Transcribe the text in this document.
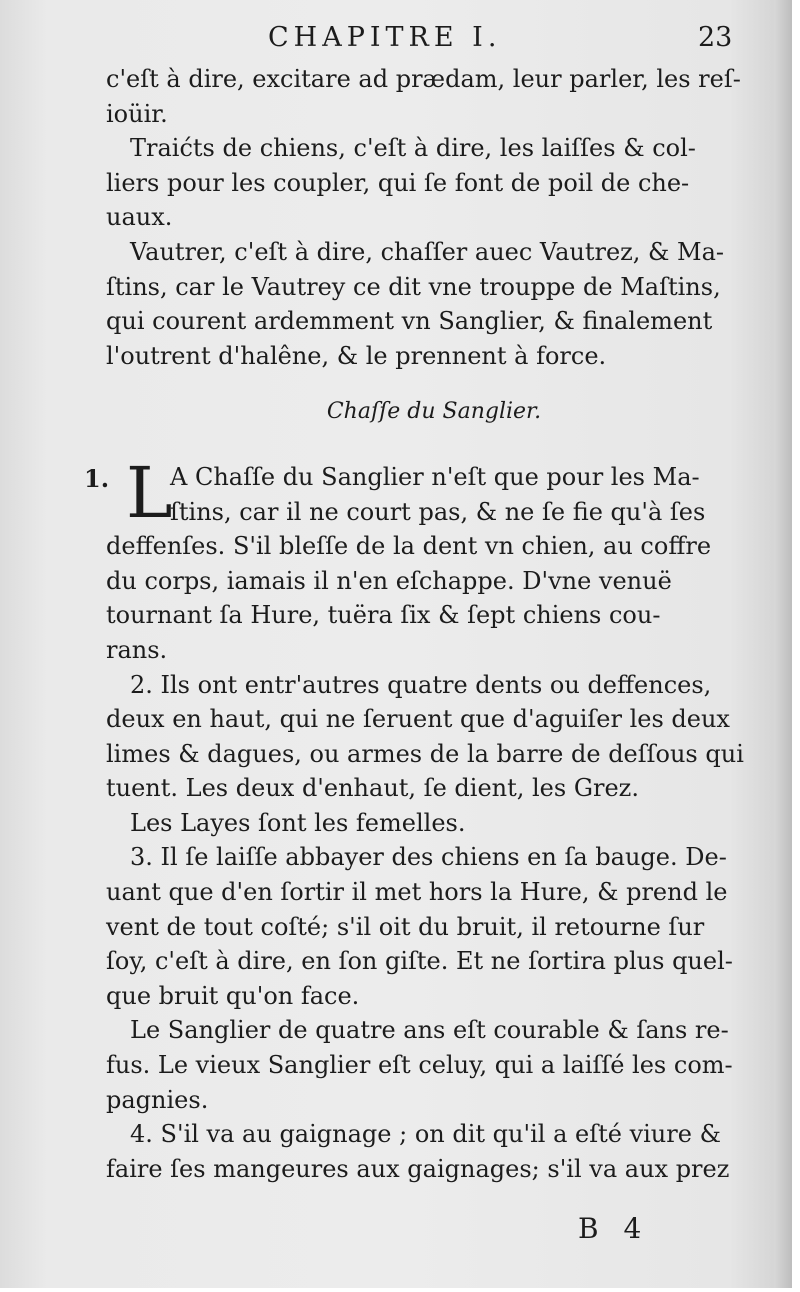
CHAPITRE I.	23
c'eſt à dire, excitare ad prædam, leur parler, les reſ-
ioüir.
Traićts de chiens, c'eſt à dire, les laiſſes & col-
liers pour les coupler, qui ſe font de poil de che-
uaux.
Vautrer, c'eſt à dire, chaſſer auec Vautrez, & Ma-
ſtins, car le Vautrey ce dit vne trouppe de Maſtins,
qui courent ardemment vn Sanglier, & finalement
l'outrent d'halêne, & le prennent à force.
Chaſſe du Sanglier.
1. L
A Chaſſe du Sanglier n'eſt que pour les Ma-
ſtins, car il ne court pas, & ne ſe fie qu'à ſes
deffenſes. S'il bleſſe de la dent vn chien, au coffre
du corps, iamais il n'en eſchappe. D'vne venuë
tournant ſa Hure, tuëra ſix & ſept chiens cou-
rans.
2. Ils ont entr'autres quatre dents ou deffences,
deux en haut, qui ne ſeruent que d'aguiſer les deux
limes & dagues, ou armes de la barre de deſſous qui
tuent. Les deux d'enhaut, ſe dient, les Grez.
Les Layes ſont les femelles.
3. Il ſe laiſſe abbayer des chiens en ſa bauge. De-
uant que d'en ſortir il met hors la Hure, & prend le
vent de tout coſté; s'il oit du bruit, il retourne ſur
ſoy, c'eſt à dire, en ſon giſte. Et ne ſortira plus quel-
que bruit qu'on face.
Le Sanglier de quatre ans eſt courable & ſans re-
fus. Le vieux Sanglier eſt celuy, qui a laiſſé les com-
pagnies.
4. S'il va au gaignage ; on dit qu'il a eſté viure &
faire ſes mangeures aux gaignages; s'il va aux prez
B 4
